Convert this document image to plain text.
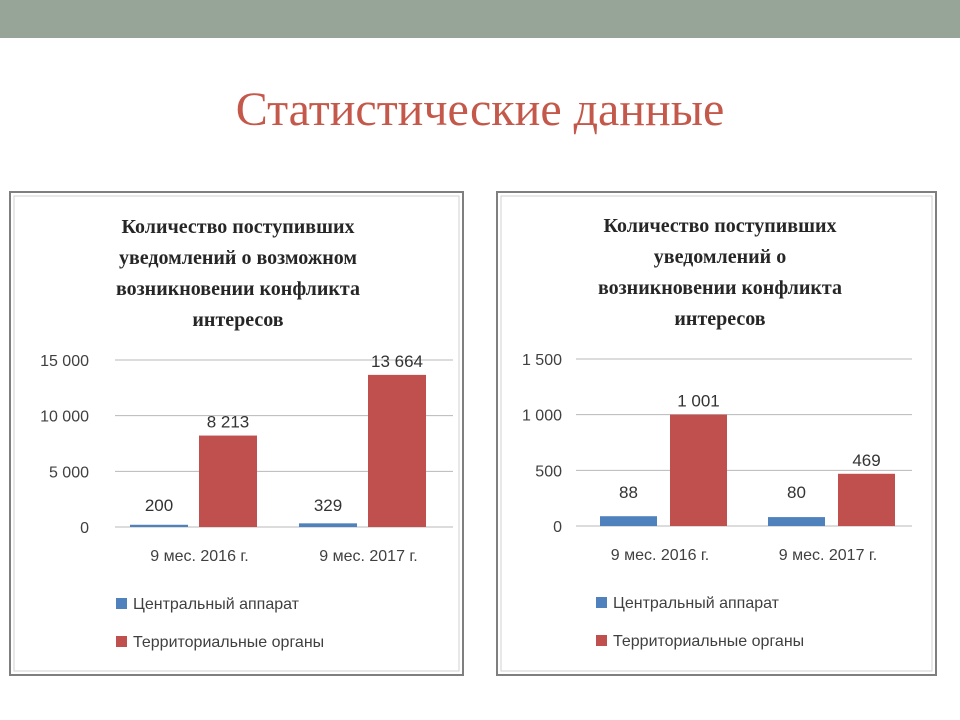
Статистические данные
Количество поступивших
уведомлений о возможном
возникновении конфликта
интересов
0
5 000
10 000
15 000
200
8 213
9 мес. 2016 г.
329
13 664
9 мес. 2017 г.
Центральный аппарат
Территориальные органы
Количество поступивших
уведомлений о
возникновении конфликта
интересов
0
500
1 000
1 500
88
1 001
9 мес. 2016 г.
80
469
9 мес. 2017 г.
Центральный аппарат
Территориальные органы
